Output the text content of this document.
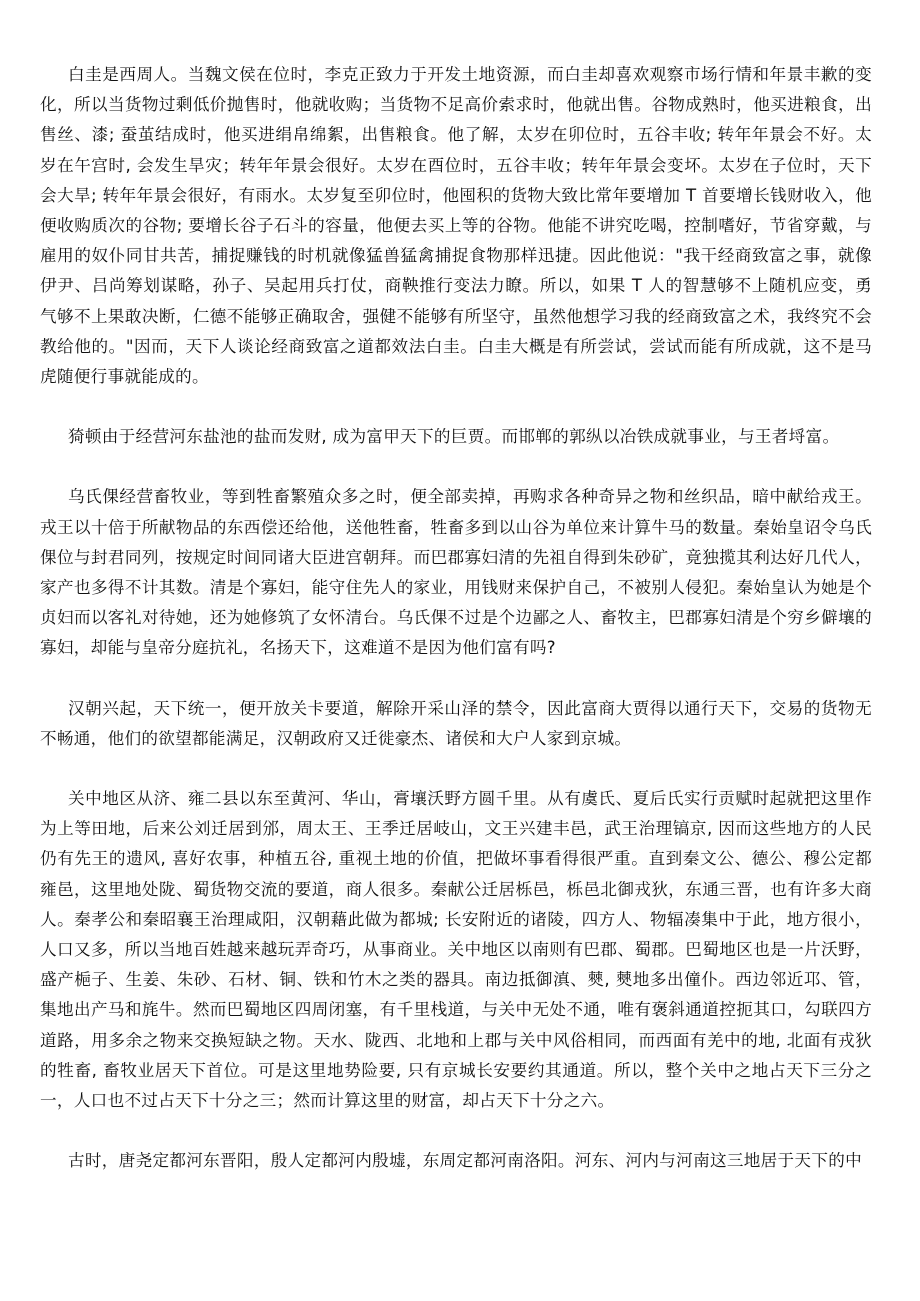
白圭是西周人。当魏文侯在位时，李克正致力于开发土地资源，而白圭却喜欢观察市场行情和年景丰歉的变化，所以当货物过剩低价抛售时，他就收购；当货物不足高价索求时，他就出售。谷物成熟时，他买进粮食，出售丝、漆; 蚕茧结成时，他买进绢帛绵絮，出售粮食。他了解，太岁在卯位时，五谷丰收; 转年年景会不好。太岁在午宫时, 会发生旱灾；转年年景会很好。太岁在酉位时，五谷丰收；转年年景会变坏。太岁在子位时，天下会大旱; 转年年景会很好，有雨水。太岁复至卯位时，他囤积的货物大致比常年要增加 T 首要增长钱财收入，他便收购质次的谷物; 要增长谷子石斗的容量，他便去买上等的谷物。他能不讲究吃喝，控制嗜好，节省穿戴，与雇用的奴仆同甘共苦，捕捉赚钱的时机就像猛兽猛禽捕捉食物那样迅捷。因此他说："我干经商致富之事，就像伊尹、吕尚筹划谋略，孙子、吴起用兵打仗，商鞅推行变法力瞭。所以，如果 T 人的智慧够不上随机应变，勇气够不上果敢决断，仁德不能够正确取舍，强健不能够有所坚守，虽然他想学习我的经商致富之术，我终究不会教给他的。"因而，天下人谈论经商致富之道都效法白圭。白圭大概是有所尝试，尝试而能有所成就，这不是马虎随便行事就能成的。

猗顿由于经营河东盐池的盐而发财, 成为富甲天下的巨贾。而邯郸的郭纵以冶铁成就事业，与王者埒富。

乌氏倮经营畜牧业，等到牲畜繁殖众多之时，便全部卖掉，再购求各种奇异之物和丝织品，暗中献给戎王。戎王以十倍于所献物品的东西偿还给他，送他牲畜，牲畜多到以山谷为单位来计算牛马的数量。秦始皇诏令乌氏倮位与封君同列，按规定时间同诸大臣进宫朝拜。而巴郡寡妇清的先祖自得到朱砂矿，竟独揽其利达好几代人，家产也多得不计其数。清是个寡妇，能守住先人的家业，用钱财来保护自己，不被别人侵犯。秦始皇认为她是个贞妇而以客礼对待她，还为她修筑了女怀清台。乌氏倮不过是个边鄙之人、畜牧主，巴郡寡妇清是个穷乡僻壤的寡妇，却能与皇帝分庭抗礼，名扬天下，这难道不是因为他们富有吗?

汉朝兴起，天下统一，便开放关卡要道，解除开采山泽的禁令，因此富商大贾得以通行天下，交易的货物无不畅通，他们的欲望都能满足，汉朝政府又迁徙豪杰、诸侯和大户人家到京城。

关中地区从济、雍二县以东至黄河、华山，膏壤沃野方圆千里。从有虞氏、夏后氏实行贡赋时起就把这里作为上等田地，后来公刘迁居到邠，周太王、王季迁居岐山，文王兴建丰邑，武王治理镐京, 因而这些地方的人民仍有先王的遗风, 喜好农事，种植五谷, 重视土地的价值，把做坏事看得很严重。直到秦文公、德公、穆公定都雍邑，这里地处陇、蜀货物交流的要道，商人很多。秦献公迁居栎邑，栎邑北御戎狄，东通三晋，也有许多大商人。秦孝公和秦昭襄王治理咸阳，汉朝藉此做为都城; 长安附近的诸陵，四方人、物辐凑集中于此，地方很小，人口又多，所以当地百姓越来越玩弄奇巧，从事商业。关中地区以南则有巴郡、蜀郡。巴蜀地区也是一片沃野，盛产梔子、生姜、朱砂、石材、铜、铁和竹木之类的器具。南边抵御滇、僰, 僰地多出僮仆。西边邻近邛、管，集地出产马和旄牛。然而巴蜀地区四周闭塞，有千里栈道，与关中无处不通，唯有褒斜通道控扼其口，勾联四方道路，用多余之物来交换短缺之物。天水、陇西、北地和上郡与关中风俗相同，而西面有羌中的地, 北面有戎狄的牲畜, 畜牧业居天下首位。可是这里地势险要, 只有京城长安要约其通道。所以，整个关中之地占天下三分之一，人口也不过占天下十分之三；然而计算这里的财富，却占天下十分之六。

古时，唐尧定都河东晋阳，殷人定都河内殷墟，东周定都河南洛阳。河东、河内与河南这三地居于天下的中
